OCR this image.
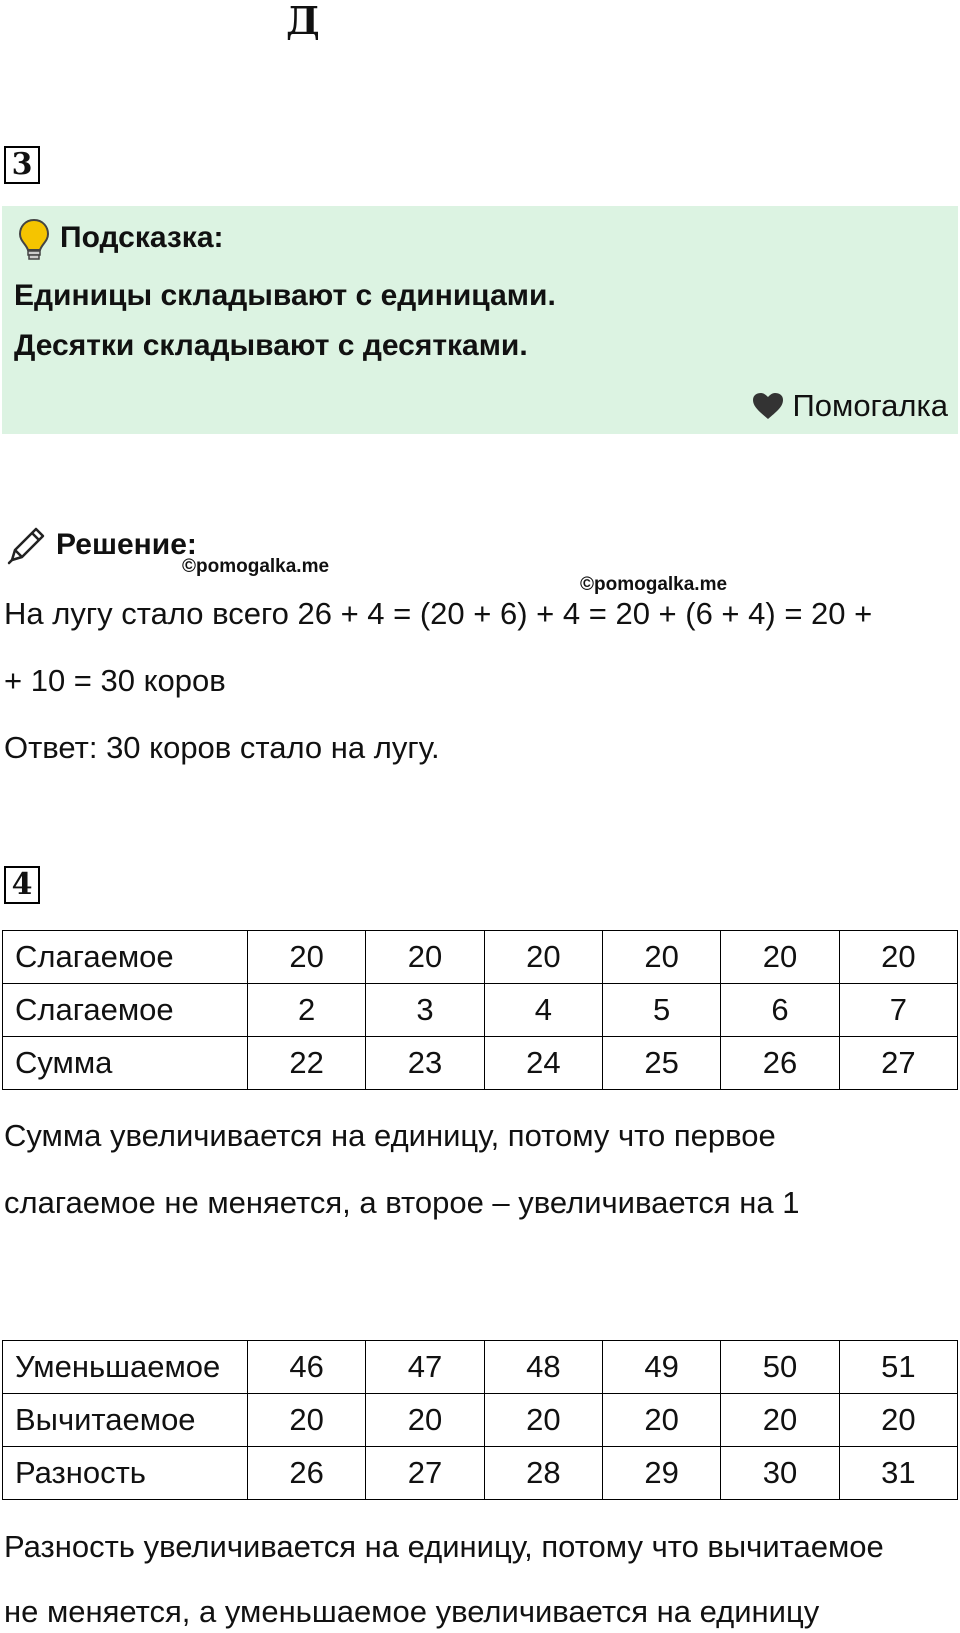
Д
3
Подсказка:
Единицы складывают с единицами.
Десятки складывают с десятками.
Помогалка
Решение:
©pomogalka.me
©pomogalka.me
На лугу стало всего 26 + 4 = (20 + 6) + 4 = 20 + (6 + 4) = 20 +
+ 10 = 30 коров
Ответ: 30 коров стало на лугу.
4
Слагаемое	20	20	20	20	20	20
Слагаемое	2	3	4	5	6	7
Сумма	22	23	24	25	26	27
Сумма увеличивается на единицу, потому что первое
слагаемое не меняется, а второе – увеличивается на 1
Уменьшаемое	46	47	48	49	50	51
Вычитаемое	20	20	20	20	20	20
Разность	26	27	28	29	30	31
Разность увеличивается на единицу, потому что вычитаемое
не меняется, а уменьшаемое увеличивается на единицу
